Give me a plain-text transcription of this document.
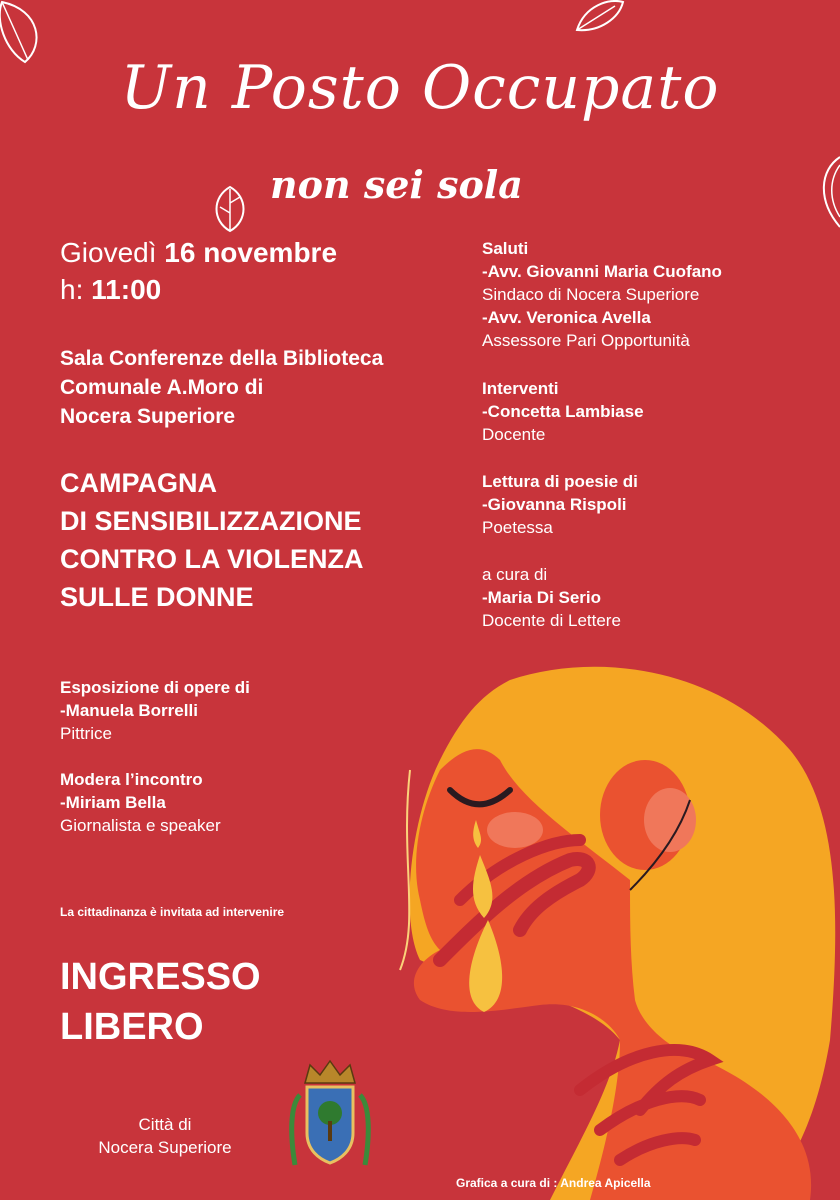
Un Posto Occupato
non sei sola
Giovedì 16 novembre
h: 11:00
Sala Conferenze della Biblioteca
Comunale A.Moro di
Nocera Superiore
CAMPAGNA
DI SENSIBILIZZAZIONE
CONTRO LA VIOLENZA
SULLE DONNE
Esposizione di opere di
-Manuela Borrelli
Pittrice
Modera l’incontro
-Miriam Bella
Giornalista e speaker
Saluti
-Avv. Giovanni Maria Cuofano
Sindaco di Nocera Superiore
-Avv. Veronica Avella
Assessore Pari Opportunità
Interventi
-Concetta Lambiase
Docente
Lettura di poesie di
-Giovanna Rispoli
Poetessa
a cura di
-Maria Di Serio
Docente di Lettere
La cittadinanza è invitata ad intervenire
INGRESSO
LIBERO
Città di
Nocera Superiore
Grafica a cura di : Andrea Apicella
